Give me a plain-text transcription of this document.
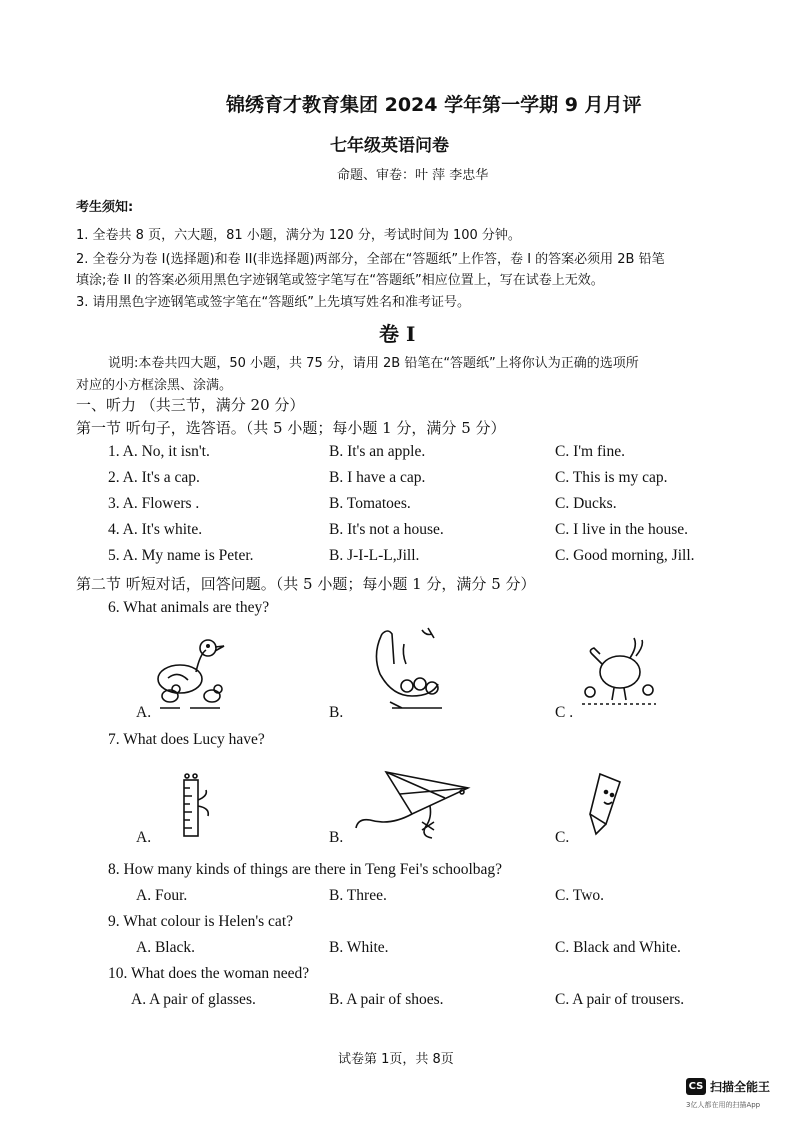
锦绣育才教育集团 2024 学年第一学期 9 月月评
七年级英语问卷
命题、审卷：叶 萍 李忠华
考生须知:
1. 全卷共 8 页，六大题，81 小题，满分为 120 分，考试时间为 100 分钟。
2. 全卷分为卷 I(选择题)和卷 II(非选择题)两部分，全部在“答题纸”上作答，卷 I 的答案必须用 2B 铅笔
填涂;卷 II 的答案必须用黑色字迹钢笔或签字笔写在“答题纸”相应位置上，写在试卷上无效。
3. 请用黑色字迹钢笔或签字笔在“答题纸”上先填写姓名和准考证号。
卷 I
说明:本卷共四大题，50 小题，共 75 分，请用 2B 铅笔在“答题纸”上将你认为正确的选项所
对应的小方框涂黑、涂满。
一、听力 （共三节，满分 20 分）
第一节 听句子，选答语。（共 5 小题；每小题 1 分，满分 5 分）
1. A. No, it isn't.	B. It's an apple.	C. I'm fine.
2. A. It's a cap.	B. I have a cap.	C. This is my cap.
3. A. Flowers .	B. Tomatoes.	C. Ducks.
4. A. It's white.	B. It's not a house.	C. I live in the house.
5. A. My name is Peter.	B. J-I-L-L,Jill.	C. Good morning, Jill.
第二节 听短对话，回答问题。（共 5 小题；每小题 1 分，满分 5 分）
6. What animals are they?
A.	B.	C .
7. What does Lucy have?
A.	B.	C.
8. How many kinds of things are there in Teng Fei's schoolbag?
A. Four.	B. Three.	C. Two.
9. What colour is Helen's cat?
A. Black.	B. White.	C. Black and White.
10. What does the woman need?
A. A pair of glasses.	B. A pair of shoes.	C. A pair of trousers.
试卷第 1页，共 8页
CS 扫描全能王
3亿人都在用的扫描App
